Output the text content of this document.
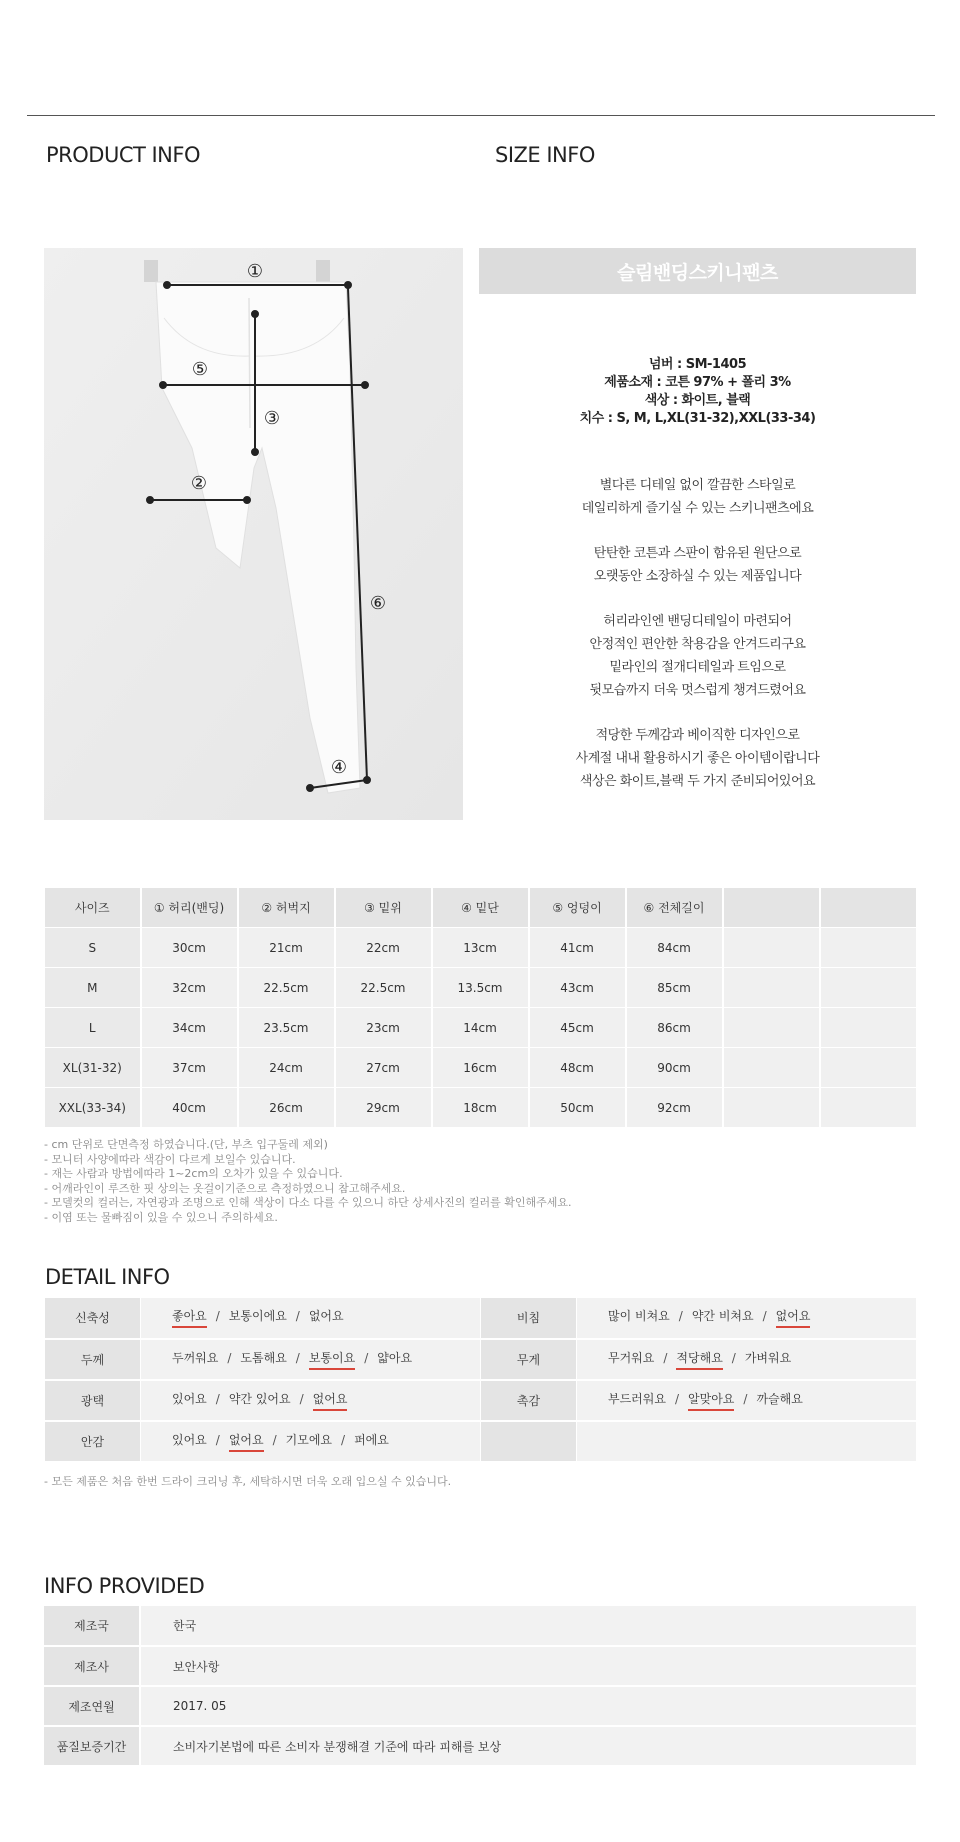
PRODUCT INFO	SIZE INFO
①
②
③
④
⑤
⑥
슬림밴딩스키니팬츠
넘버 : SM-1405
제품소재 : 코튼 97% + 폴리 3%
색상 : 화이트, 블랙
치수 : S, M, L,XL(31-32),XXL(33-34)

별다른 디테일 없이 깔끔한 스타일로
데일리하게 즐기실 수 있는 스키니팬츠에요

탄탄한 코튼과 스판이 함유된 원단으로
오랫동안 소장하실 수 있는 제품입니다

허리라인엔 밴딩디테일이 마련되어
안정적인 편안한 착용감을 안겨드리구요
밑라인의 절개디테일과 트임으로
뒷모습까지 더욱 멋스럽게 챙겨드렸어요

적당한 두께감과 베이직한 디자인으로
사계절 내내 활용하시기 좋은 아이템이랍니다
색상은 화이트,블랙 두 가지 준비되어있어요

사이즈	① 허리(밴딩)	② 허벅지	③ 밑위	④ 밑단	⑤ 엉덩이	⑥ 전체길이		
S	30cm	21cm	22cm	13cm	41cm	84cm		
M	32cm	22.5cm	22.5cm	13.5cm	43cm	85cm		
L	34cm	23.5cm	23cm	14cm	45cm	86cm		
XL(31-32)	37cm	24cm	27cm	16cm	48cm	90cm		
XXL(33-34)	40cm	26cm	29cm	18cm	50cm	92cm		
- cm 단위로 단면측정 하였습니다.(단, 부츠 입구둘레 제외)
- 모니터 사양에따라 색감이 다르게 보일수 있습니다.
- 재는 사람과 방법에따라 1~2cm의 오차가 있을 수 있습니다.
- 어깨라인이 루즈한 핏 상의는 옷걸이기준으로 측정하였으니 참고해주세요.
- 모델컷의 컬러는, 자연광과 조명으로 인해 색상이 다소 다를 수 있으니 하단 상세사진의 컬러를 확인해주세요.
- 이염 또는 물빠짐이 있을 수 있으니 주의하세요.
DETAIL INFO
신축성	좋아요 / 보통이에요 / 없어요	비침	많이 비쳐요 / 약간 비쳐요 / 없어요
두께	두꺼워요 / 도톰해요 / 보통이요 / 얇아요	무게	무거워요 / 적당해요 / 가벼워요
광택	있어요 / 약간 있어요 / 없어요	촉감	부드러워요 / 알맞아요 / 까슬해요
안감	있어요 / 없어요 / 기모에요 / 퍼에요		
- 모든 제품은 처음 한번 드라이 크리닝 후, 세탁하시면 더욱 오래 입으실 수 있습니다.
INFO PROVIDED
제조국	한국
제조사	보안사항
제조연월	2017. 05
품질보증기간	소비자기본법에 따른 소비자 분쟁해결 기준에 따라 피해를 보상
